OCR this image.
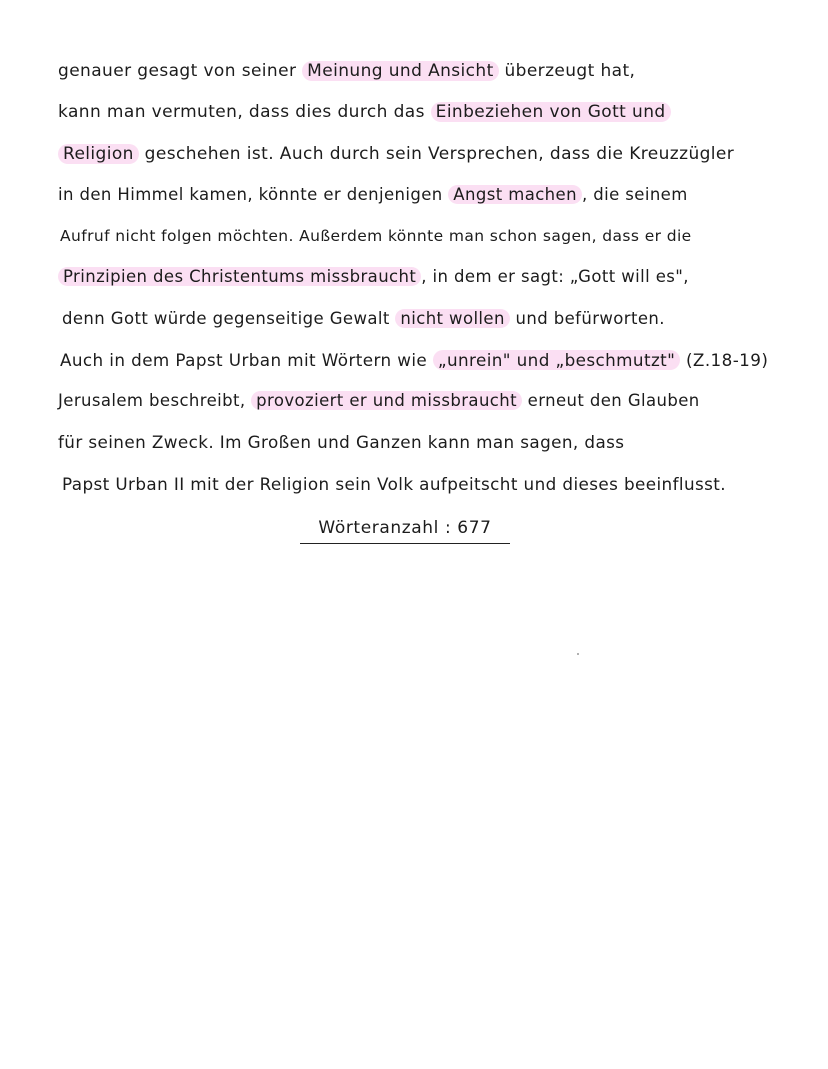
genauer gesagt von seiner Meinung und Ansicht überzeugt hat,
kann man vermuten, dass dies durch das Einbeziehen von Gott und
Religion geschehen ist. Auch durch sein Versprechen, dass die Kreuzzügler
in den Himmel kamen, könnte er denjenigen Angst machen , die seinem
Aufruf nicht folgen möchten. Außerdem könnte man schon sagen, dass er die
Prinzipien des Christentums missbraucht , in dem er sagt: „Gott will es",
denn Gott würde gegenseitige Gewalt nicht wollen und befürworten.
Auch in dem Papst Urban mit Wörtern wie „unrein" und „beschmutzt" (Z.18-19)
Jerusalem beschreibt, provoziert er und missbraucht erneut den Glauben
für seinen Zweck. Im Großen und Ganzen kann man sagen, dass
Papst Urban II mit der Religion sein Volk aufpeitscht und dieses beeinflusst.
Wörteranzahl : 677
